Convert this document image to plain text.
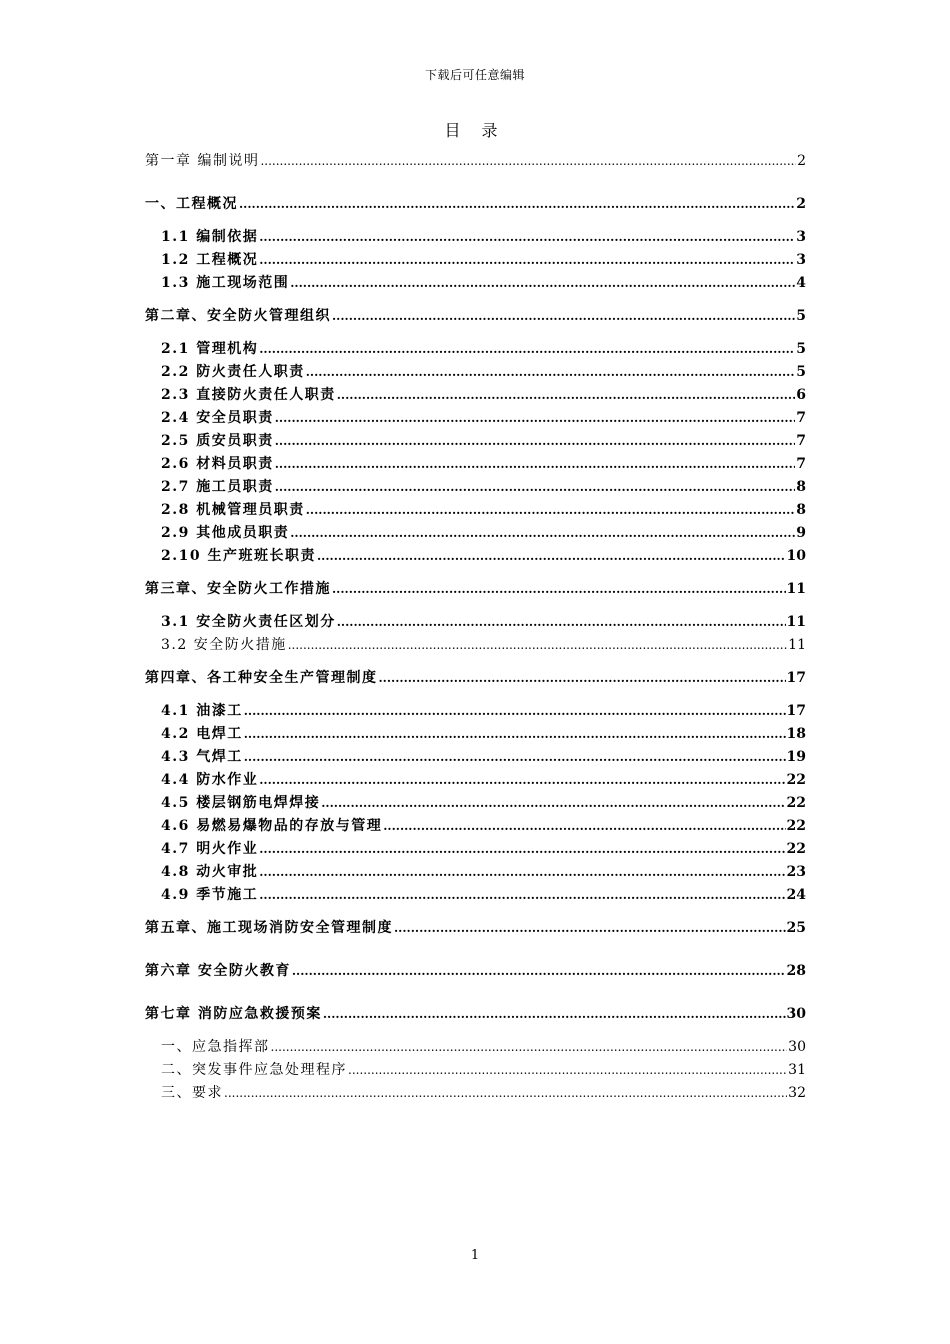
下载后可任意编辑
目 录
第一章 编制说明 .....	2
一、工程概况 .....	2
1.1 编制依据 .....	3
1.2 工程概况 .....	3
1.3 施工现场范围 .....	4
第二章、安全防火管理组织 .....	5
2.1 管理机构 .....	5
2.2 防火责任人职责 .....	5
2.3 直接防火责任人职责 .....	6
2.4 安全员职责 .....	7
2.5 质安员职责 .....	7
2.6 材料员职责 .....	7
2.7 施工员职责 .....	8
2.8 机械管理员职责 .....	8
2.9 其他成员职责 .....	9
2.10 生产班班长职责 .....	10
第三章、安全防火工作措施 .....	11
3.1 安全防火责任区划分 .....	11
3.2 安全防火措施 .....	11
第四章、各工种安全生产管理制度 .....	17
4.1 油漆工 .....	17
4.2 电焊工 .....	18
4.3 气焊工 .....	19
4.4 防水作业 .....	22
4.5 楼层钢筋电焊焊接 .....	22
4.6 易燃易爆物品的存放与管理 .....	22
4.7 明火作业 .....	22
4.8 动火审批 .....	23
4.9 季节施工 .....	24
第五章、施工现场消防安全管理制度 .....	25
第六章 安全防火教育 .....	28
第七章 消防应急救援预案 .....	30
一、应急指挥部 .....	30
二、突发事件应急处理程序 .....	31
三、要求 .....	32
1
